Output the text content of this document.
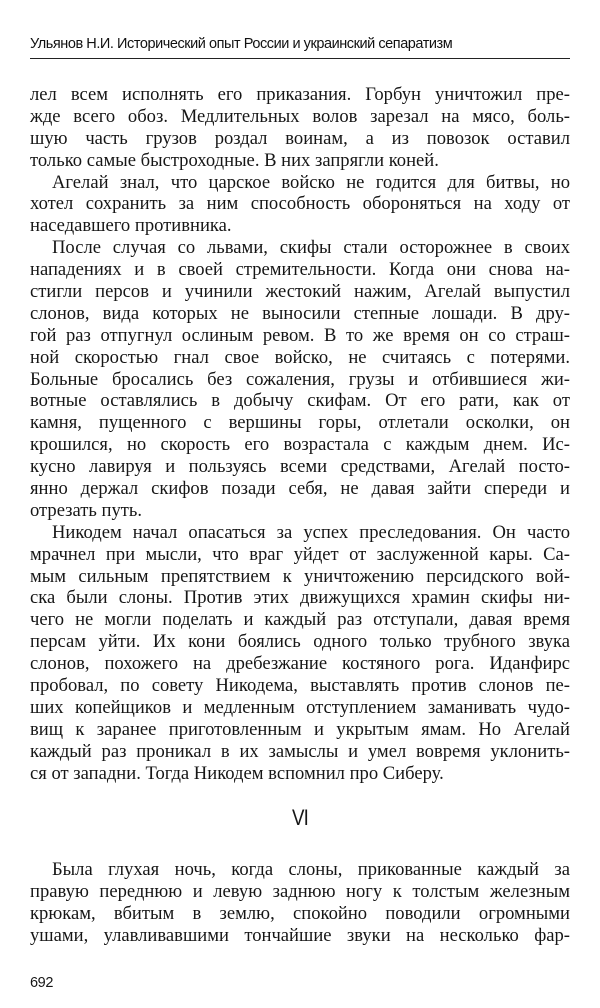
Ульянов Н.И. Исторический опыт России и украинский сепаратизм
лел всем исполнять его приказания. Горбун уничтожил пре-
жде всего обоз. Медлительных волов зарезал на мясо, боль-
шую часть грузов роздал воинам, а из повозок оставил
только самые быстроходные. В них запрягли коней.
Агелай знал, что царское войско не годится для битвы, но
хотел сохранить за ним способность обороняться на ходу от
наседавшего противника.
После случая со львами, скифы стали осторожнее в своих
нападениях и в своей стремительности. Когда они снова на-
стигли персов и учинили жестокий нажим, Агелай выпустил
слонов, вида которых не выносили степные лошади. В дру-
гой раз отпугнул ослиным ревом. В то же время он со страш-
ной скоростью гнал свое войско, не считаясь с потерями.
Больные бросались без сожаления, грузы и отбившиеся жи-
вотные оставлялись в добычу скифам. От его рати, как от
камня, пущенного с вершины горы, отлетали осколки, он
крошился, но скорость его возрастала с каждым днем. Ис-
кусно лавируя и пользуясь всеми средствами, Агелай посто-
янно держал скифов позади себя, не давая зайти спереди и
отрезать путь.
Никодем начал опасаться за успех преследования. Он часто
мрачнел при мысли, что враг уйдет от заслуженной кары. Са-
мым сильным препятствием к уничтожению персидского вой-
ска были слоны. Против этих движущихся храмин скифы ни-
чего не могли поделать и каждый раз отступали, давая время
персам уйти. Их кони боялись одного только трубного звука
слонов, похожего на дребезжание костяного рога. Иданфирс
пробовал, по совету Никодема, выставлять против слонов пе-
ших копейщиков и медленным отступлением заманивать чудо-
вищ к заранее приготовленным и укрытым ямам. Но Агелай
каждый раз проникал в их замыслы и умел вовремя уклонить-
ся от западни. Тогда Никодем вспомнил про Сиберу.
VI
Была глухая ночь, когда слоны, прикованные каждый за
правую переднюю и левую заднюю ногу к толстым железным
крюкам, вбитым в землю, спокойно поводили огромными
ушами, улавливавшими тончайшие звуки на несколько фар-
692
